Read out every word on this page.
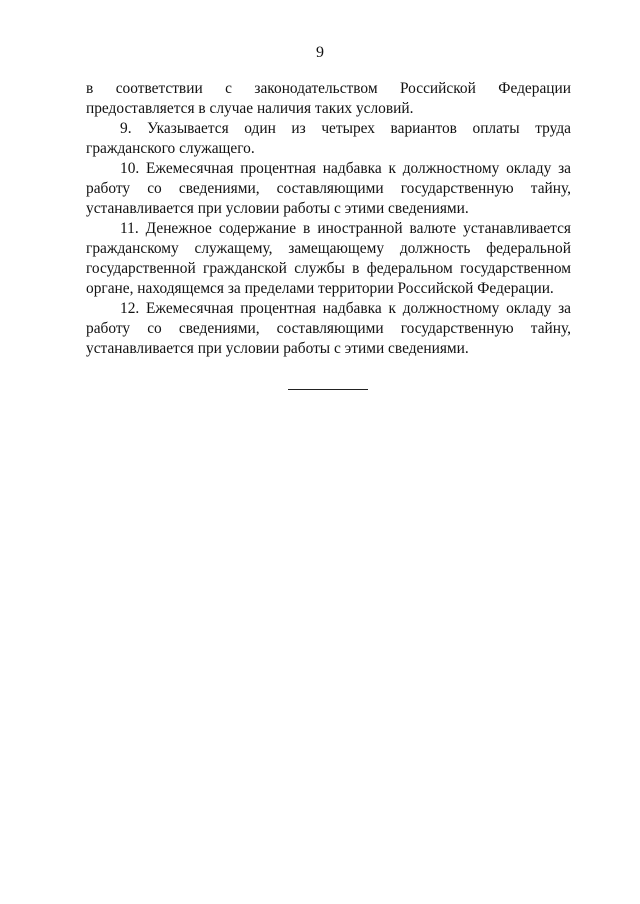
9

в соответствии с законодательством Российской Федерации предоставляется в случае наличия таких условий.

9. Указывается один из четырех вариантов оплаты труда гражданского служащего.

10. Ежемесячная процентная надбавка к должностному окладу за работу со сведениями, составляющими государственную тайну, устанавливается при условии работы с этими сведениями.

11. Денежное содержание в иностранной валюте устанавливается гражданскому служащему, замещающему должность федеральной государственной гражданской службы в федеральном государственном органе, находящемся за пределами территории Российской Федерации.

12. Ежемесячная процентная надбавка к должностному окладу за работу со сведениями, составляющими государственную тайну, устанавливается при условии работы с этими сведениями.
